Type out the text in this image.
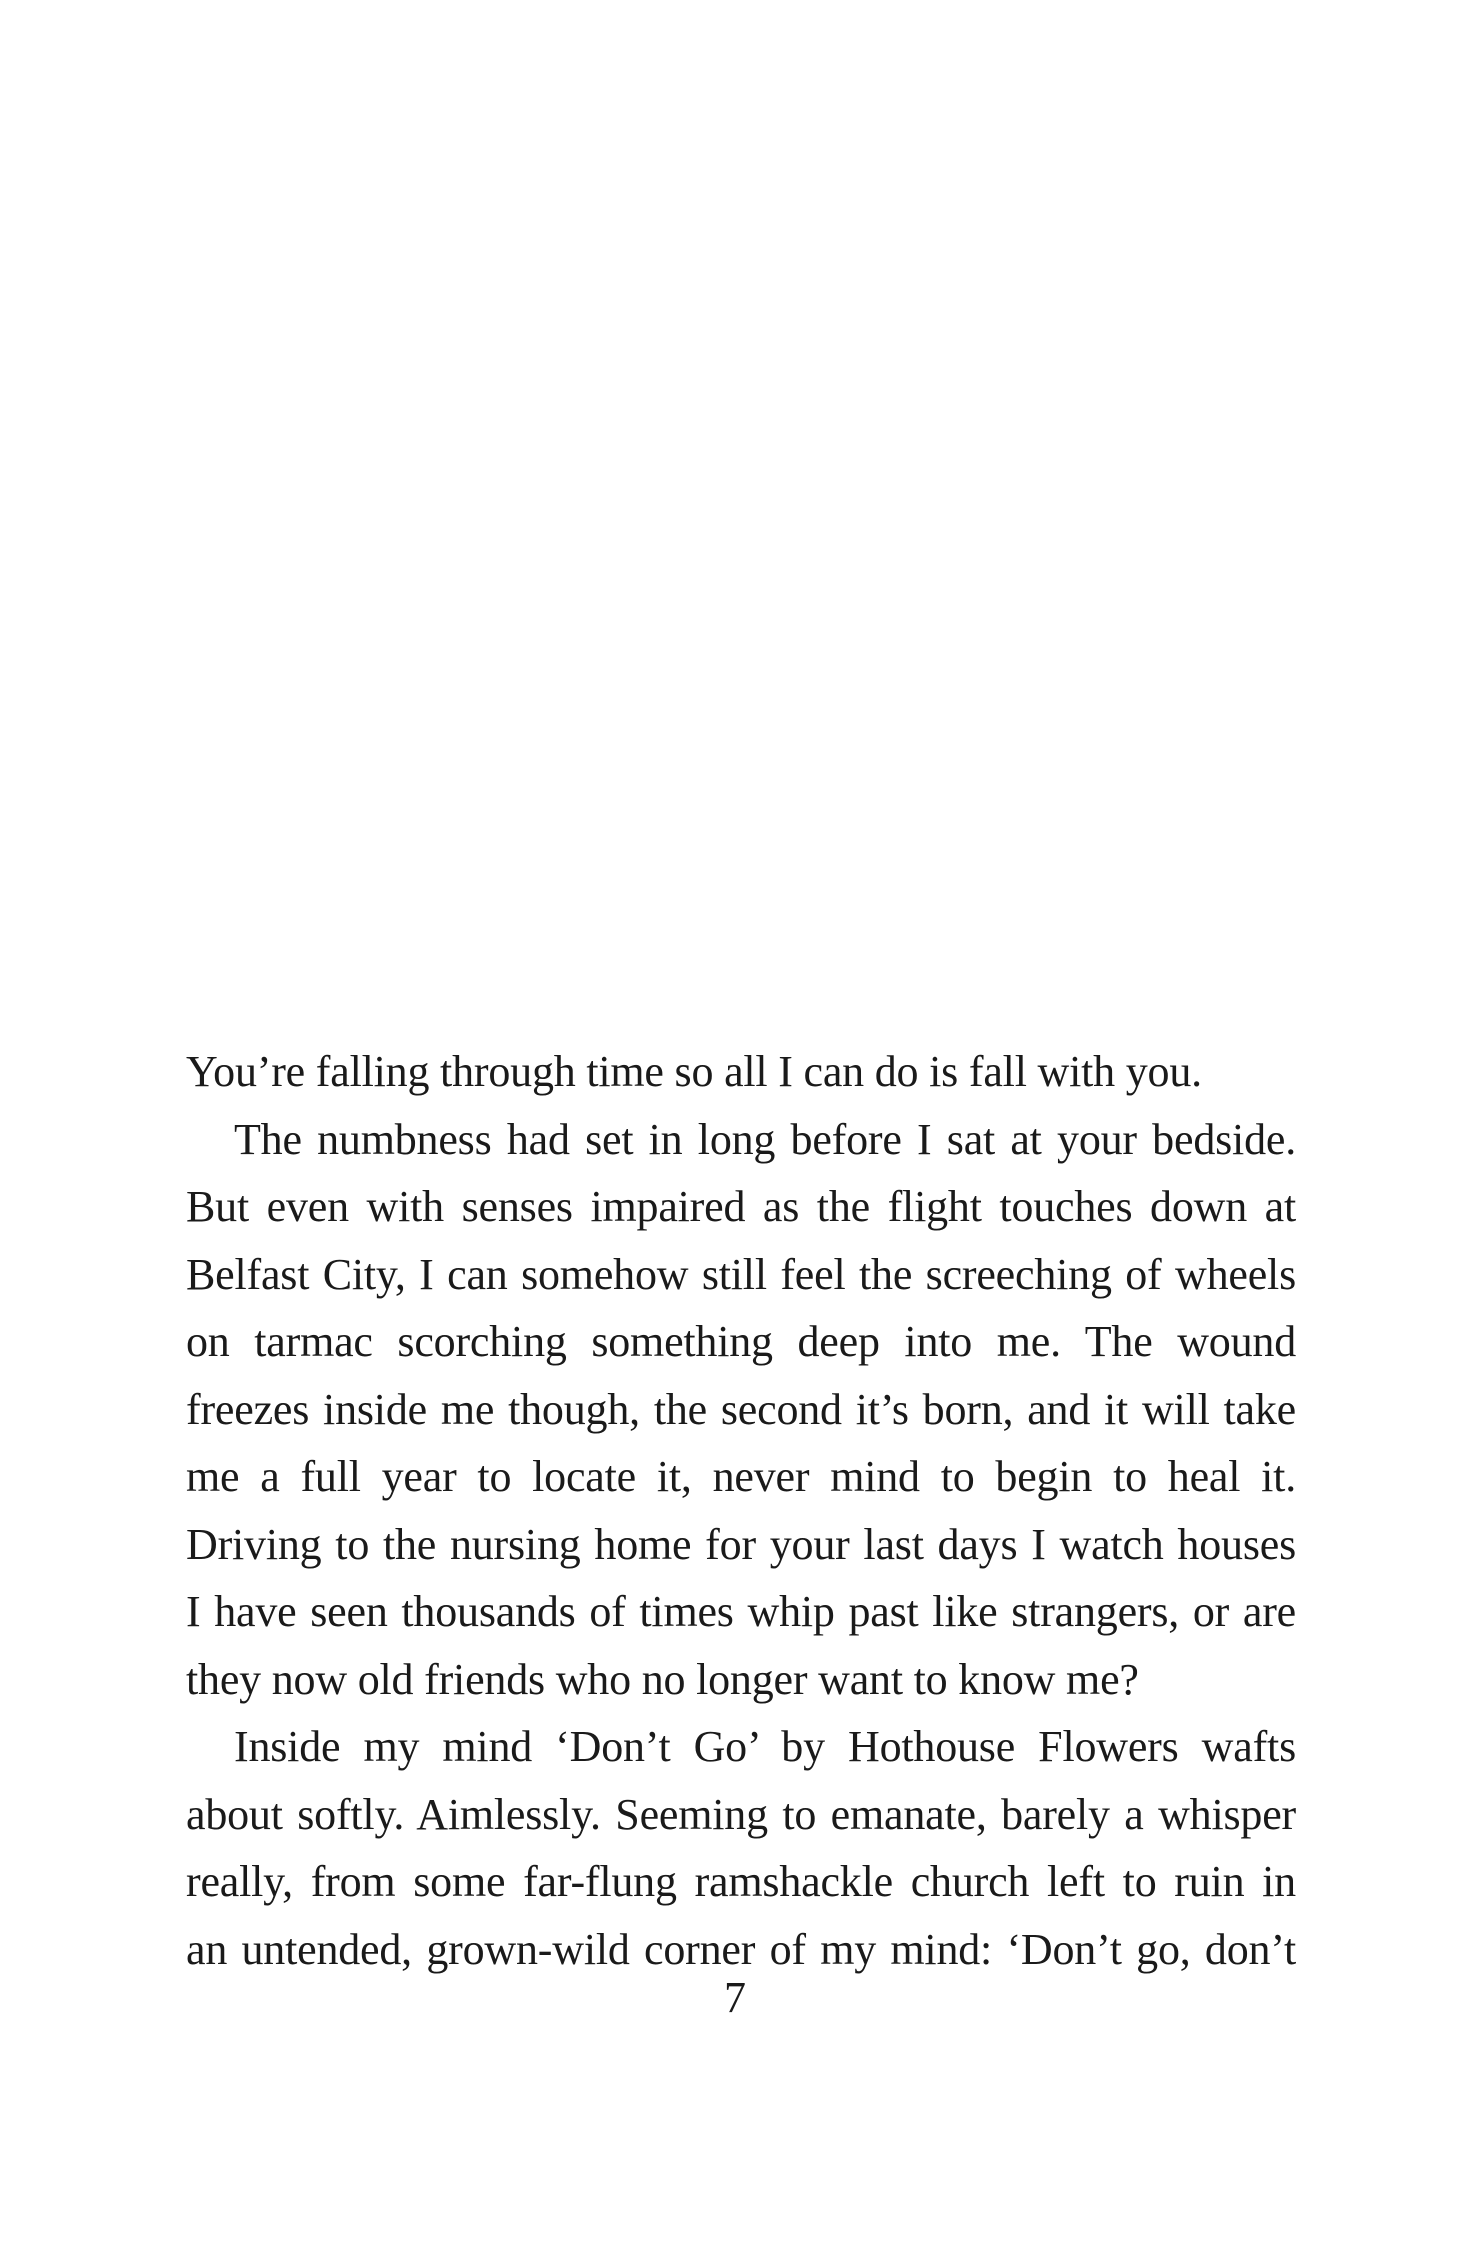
You’re falling through time so all I can do is fall with you.
The numbness had set in long before I sat at your bedside.
But even with senses impaired as the flight touches down at
Belfast City, I can somehow still feel the screeching of wheels
on tarmac scorching something deep into me. The wound
freezes inside me though, the second it’s born, and it will take
me a full year to locate it, never mind to begin to heal it.
Driving to the nursing home for your last days I watch houses
I have seen thousands of times whip past like strangers, or are
they now old friends who no longer want to know me?
Inside my mind ‘Don’t Go’ by Hothouse Flowers wafts
about softly. Aimlessly. Seeming to emanate, barely a whisper
really, from some far-flung ramshackle church left to ruin in
an untended, grown-wild corner of my mind: ‘Don’t go, don’t
7
